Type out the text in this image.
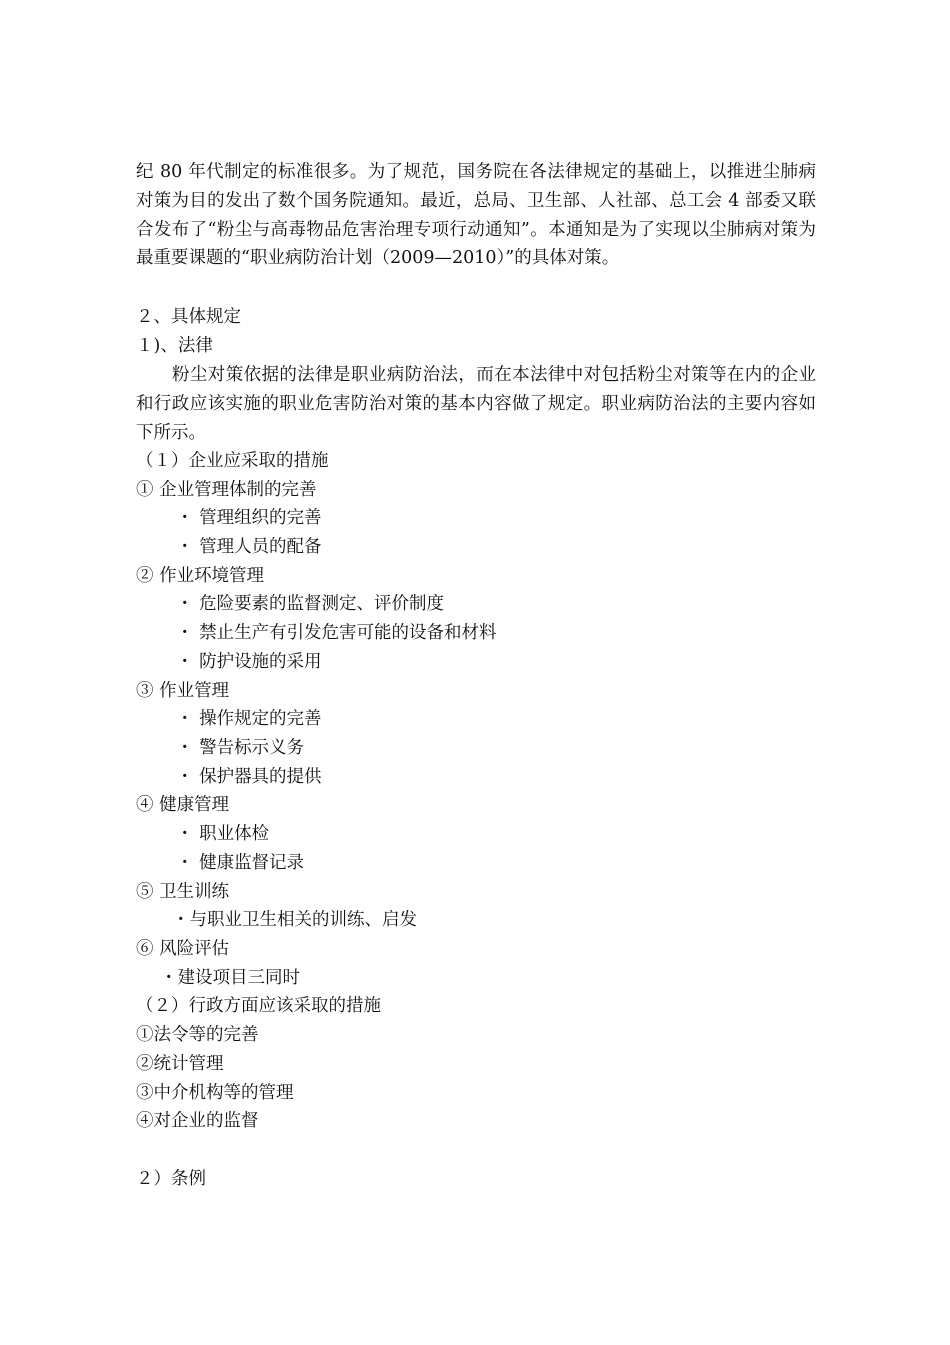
纪 80 年代制定的标准很多。为了规范，国务院在各法律规定的基础上，以推进尘肺病对策为目的发出了数个国务院通知。最近，总局、卫生部、人社部、总工会 4 部委又联合发布了“粉尘与高毒物品危害治理专项行动通知”。本通知是为了实现以尘肺病对策为最重要课题的“职业病防治计划（2009—2010）”的具体对策。
２、具体规定
１)、法律
粉尘对策依据的法律是职业病防治法，而在本法律中对包括粉尘对策等在内的企业和行政应该实施的职业危害防治对策的基本内容做了规定。职业病防治法的主要内容如下所示。
（１）企业应采取的措施
① 企业管理体制的完善
・ 管理组织的完善
・ 管理人员的配备
② 作业环境管理
・ 危险要素的监督测定、评价制度
・ 禁止生产有引发危害可能的设备和材料
・ 防护设施的采用
③ 作业管理
・ 操作规定的完善
・ 警告标示义务
・ 保护器具的提供
④ 健康管理
・ 职业体检
・ 健康监督记录
⑤ 卫生训练
・与职业卫生相关的训练、启发
⑥ 风险评估
・建设项目三同时
（２）行政方面应该采取的措施
①法令等的完善
②统计管理
③中介机构等的管理
④对企业的监督
２）条例
